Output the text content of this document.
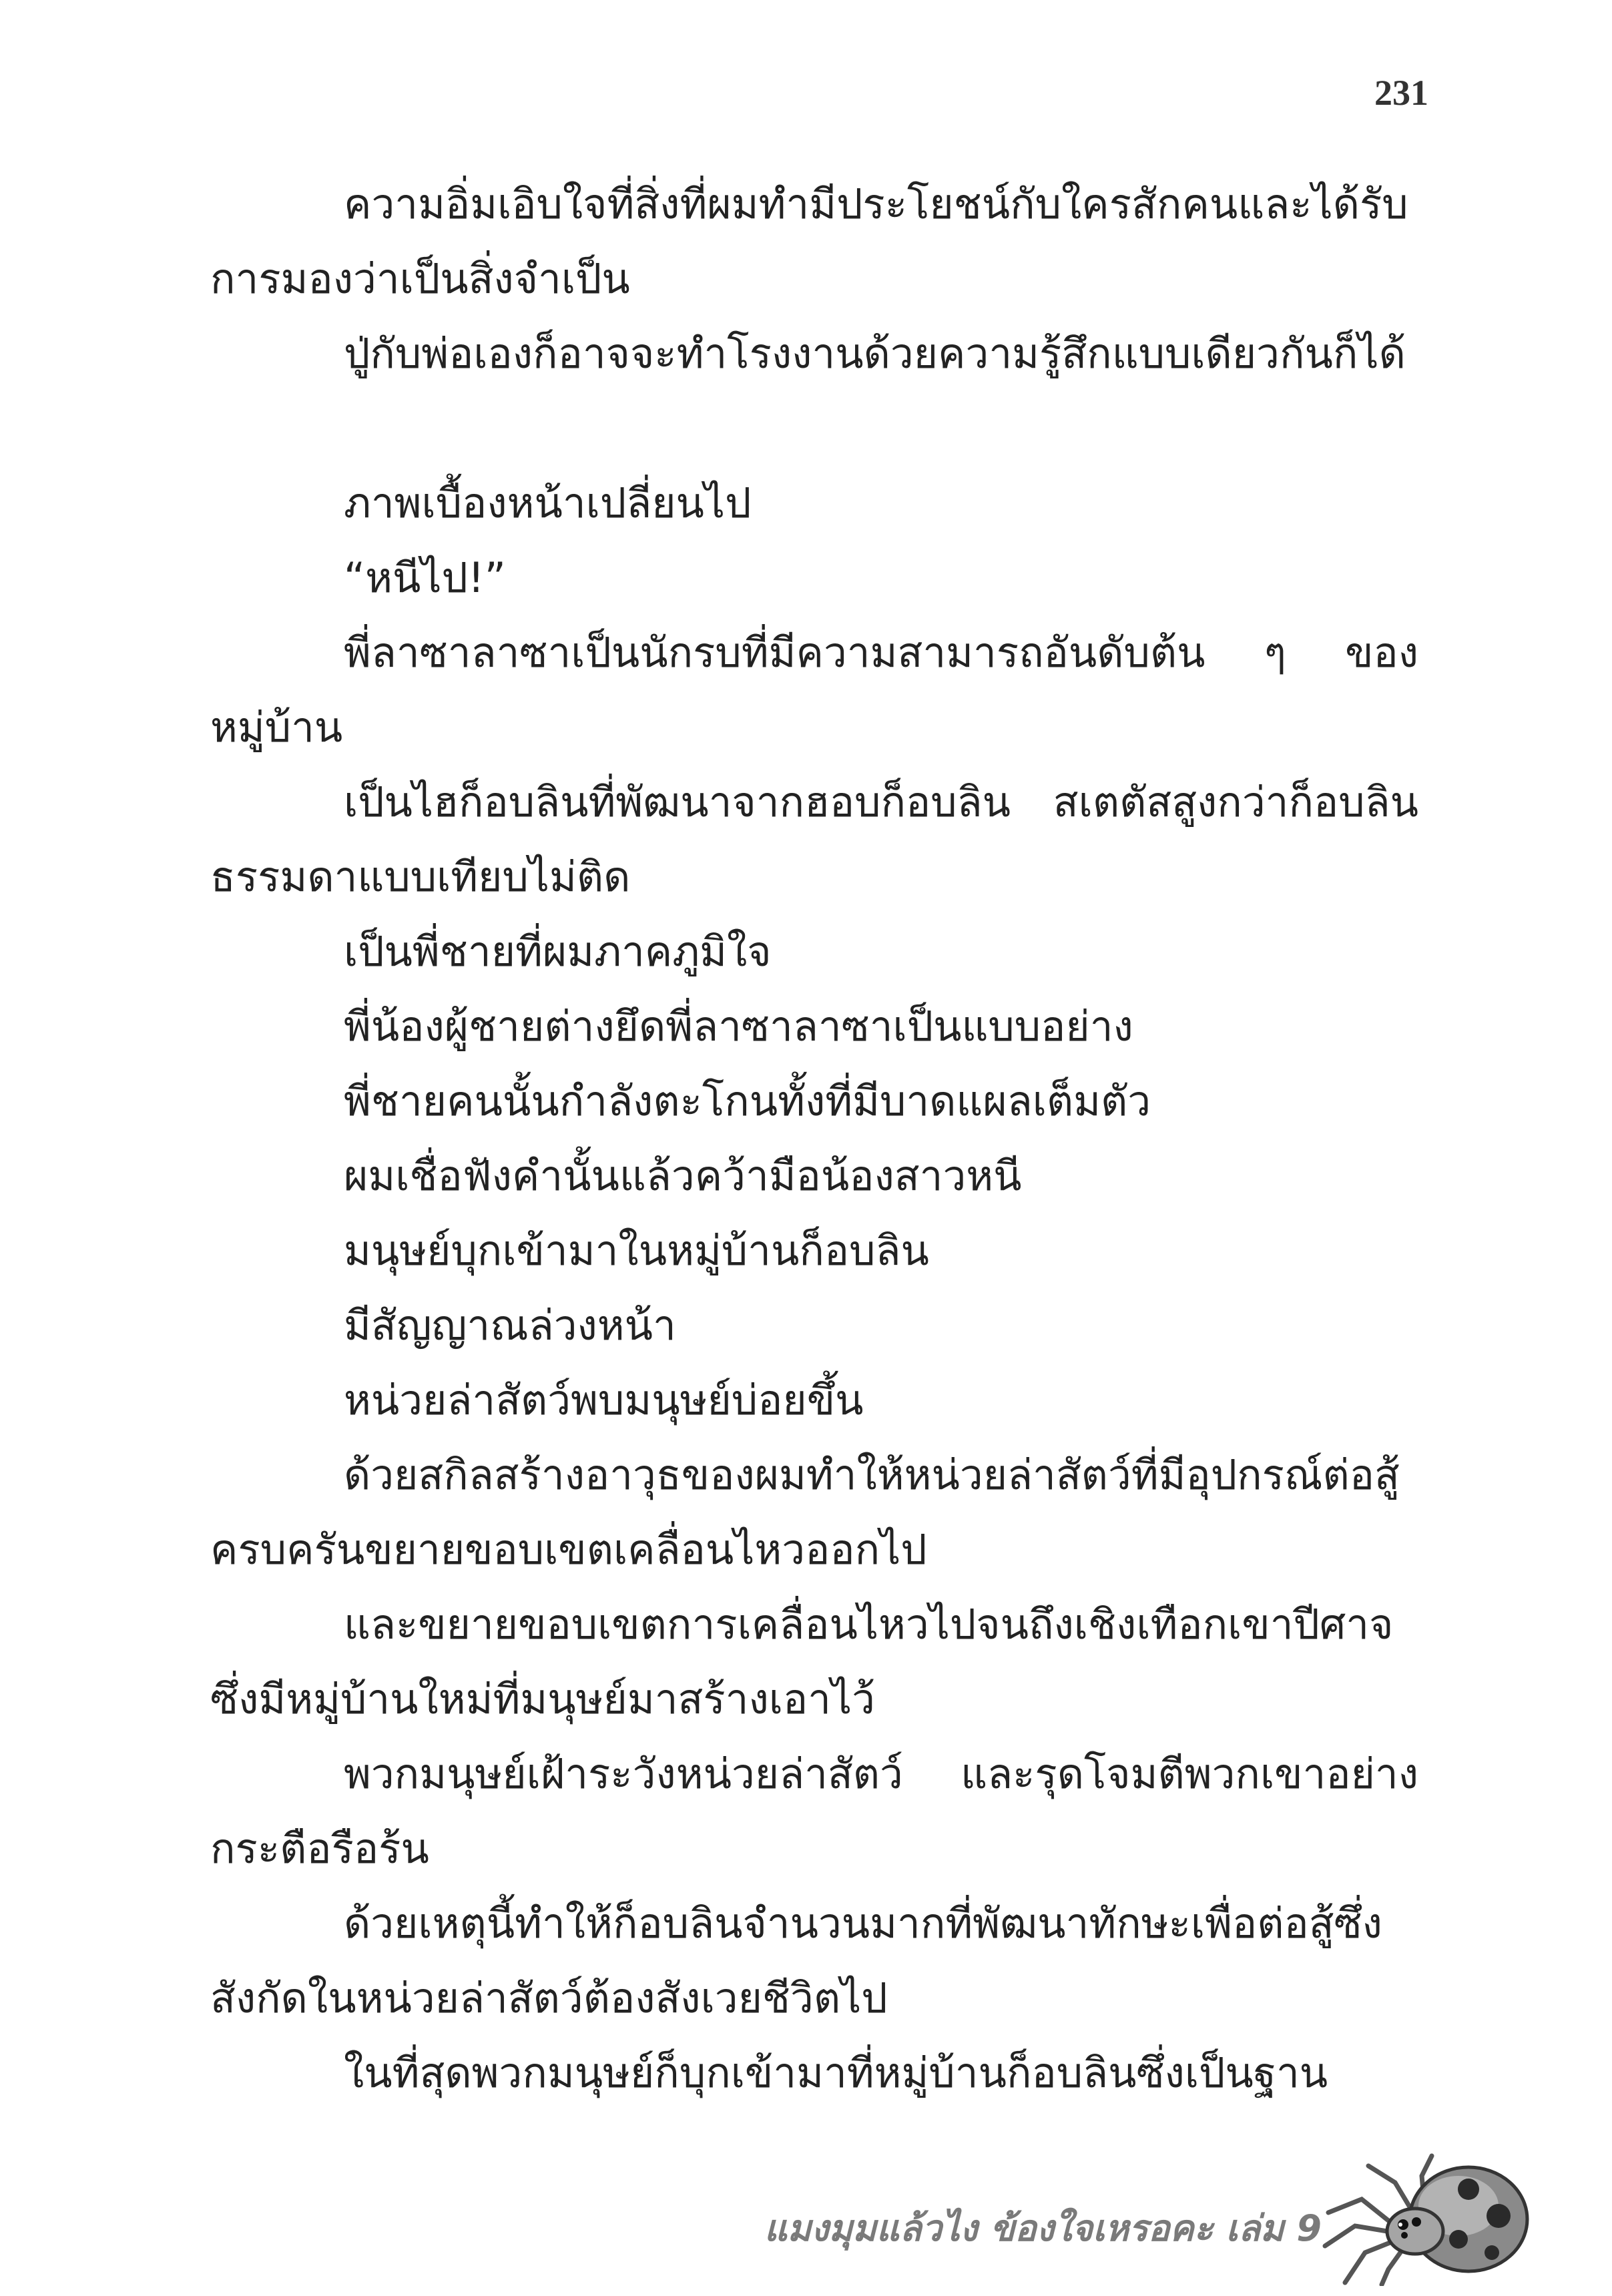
231

ความอิ่มเอิบใจที่สิ่งที่ผมทำมีประโยชน์กับใครสักคนและได้รับการมองว่าเป็นสิ่งจำเป็น

ปู่กับพ่อเองก็อาจจะทำโรงงานด้วยความรู้สึกแบบเดียวกันก็ได้

ภาพเบื้องหน้าเปลี่ยนไป

“หนีไป!”

พี่ลาซาลาซาเป็นนักรบที่มีความสามารถอันดับต้น ๆ ของหมู่บ้าน

เป็นไฮก็อบลินที่พัฒนาจากฮอบก็อบลิน สเตตัสสูงกว่าก็อบลินธรรมดาแบบเทียบไม่ติด

เป็นพี่ชายที่ผมภาคภูมิใจ

พี่น้องผู้ชายต่างยึดพี่ลาซาลาซาเป็นแบบอย่าง

พี่ชายคนนั้นกำลังตะโกนทั้งที่มีบาดแผลเต็มตัว

ผมเชื่อฟังคำนั้นแล้วคว้ามือน้องสาวหนี

มนุษย์บุกเข้ามาในหมู่บ้านก็อบลิน

มีสัญญาณล่วงหน้า

หน่วยล่าสัตว์พบมนุษย์บ่อยขึ้น

ด้วยสกิลสร้างอาวุธของผมทำให้หน่วยล่าสัตว์ที่มีอุปกรณ์ต่อสู้ครบครันขยายขอบเขตเคลื่อนไหวออกไป

และขยายขอบเขตการเคลื่อนไหวไปจนถึงเชิงเทือกเขาปีศาจซึ่งมีหมู่บ้านใหม่ที่มนุษย์มาสร้างเอาไว้

พวกมนุษย์เฝ้าระวังหน่วยล่าสัตว์ และรุดโจมตีพวกเขาอย่างกระตือรือร้น

ด้วยเหตุนี้ทำให้ก็อบลินจำนวนมากที่พัฒนาทักษะเพื่อต่อสู้ซึ่งสังกัดในหน่วยล่าสัตว์ต้องสังเวยชีวิตไป

ในที่สุดพวกมนุษย์ก็บุกเข้ามาที่หมู่บ้านก็อบลินซึ่งเป็นฐาน

แมงมุมแล้วไง ข้องใจเหรอคะ เล่ม 9
